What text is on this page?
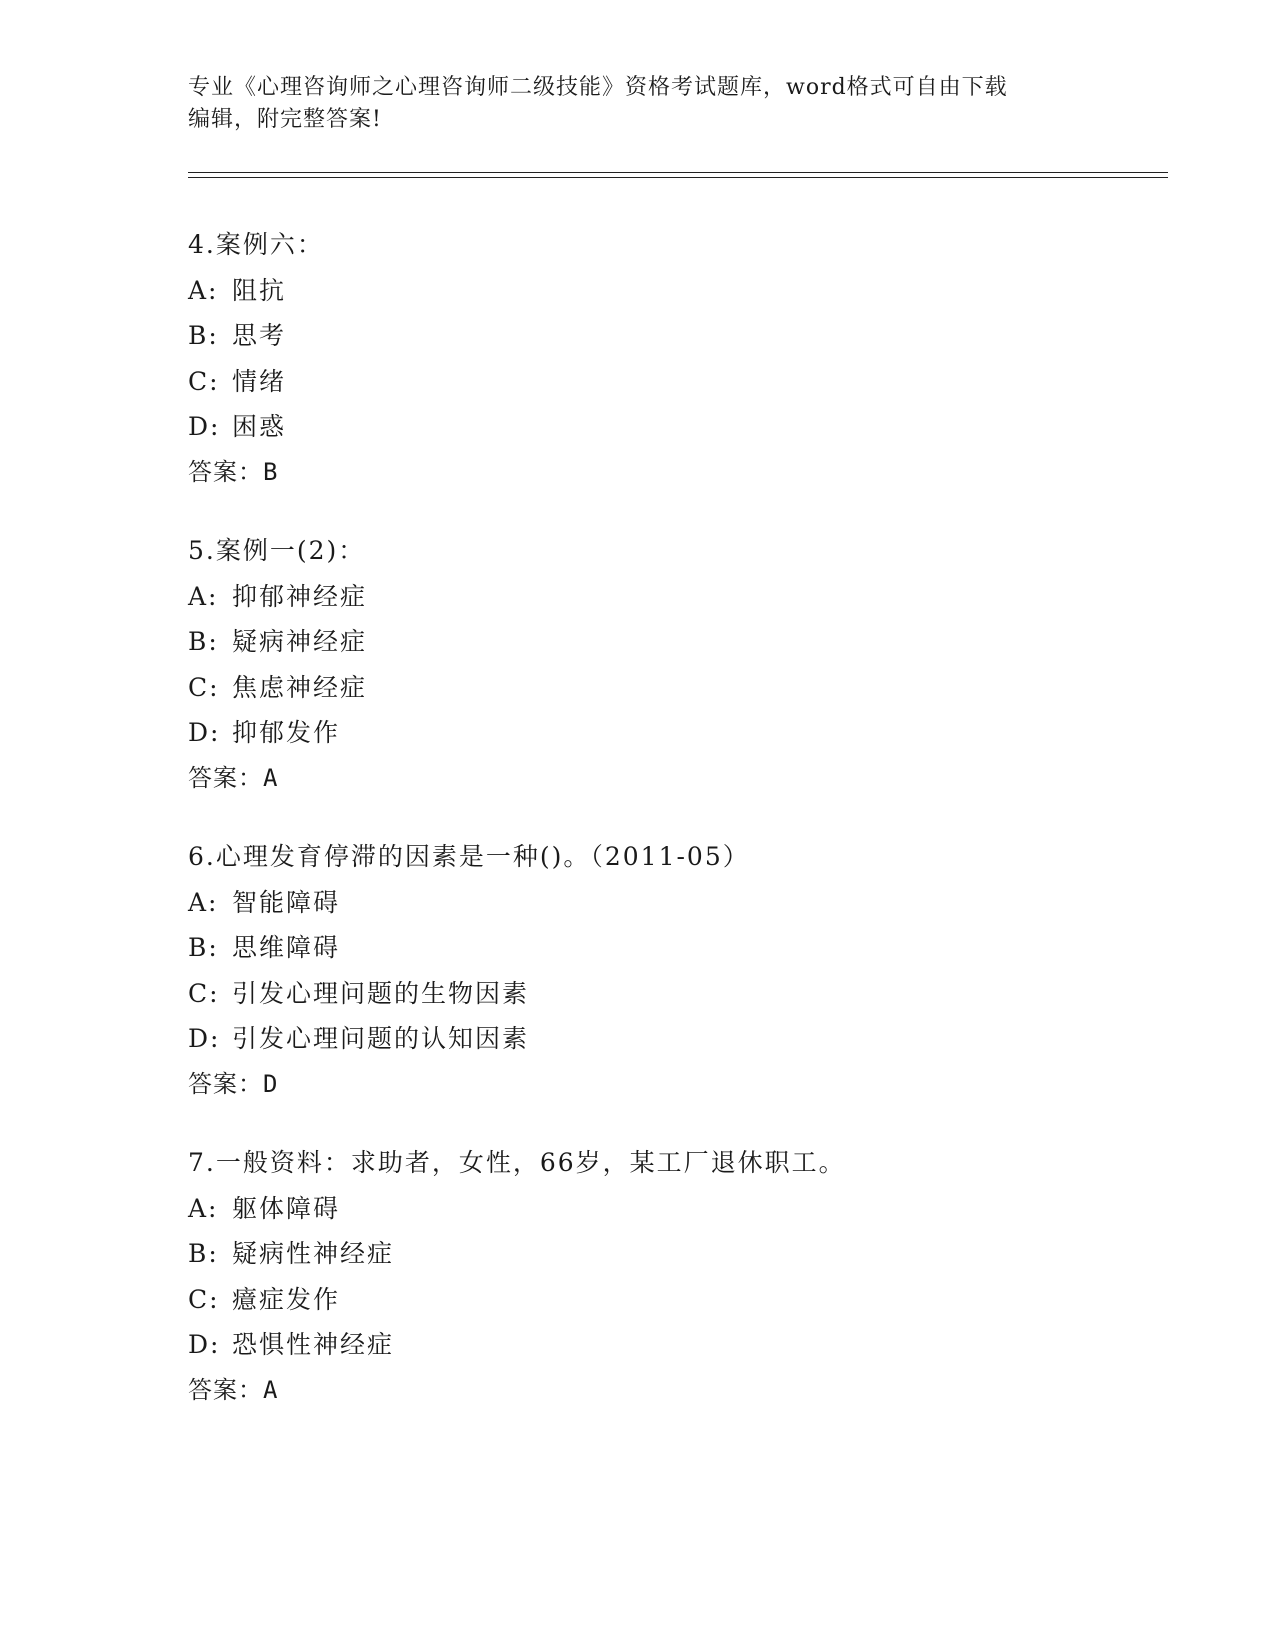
专业《心理咨询师之心理咨询师二级技能》资格考试题库，word格式可自由下载
编辑，附完整答案!
4.案例六：
A: 阻抗
B: 思考
C: 情绪
D: 困惑
答案：B
5.案例一(2)：
A: 抑郁神经症
B: 疑病神经症
C: 焦虑神经症
D: 抑郁发作
答案：A
6.心理发育停滞的因素是一种()。（2011-05）
A: 智能障碍
B: 思维障碍
C: 引发心理问题的生物因素
D: 引发心理问题的认知因素
答案：D
7.一般资料：求助者，女性，66岁，某工厂退休职工。
A: 躯体障碍
B: 疑病性神经症
C: 癔症发作
D: 恐惧性神经症
答案：A
